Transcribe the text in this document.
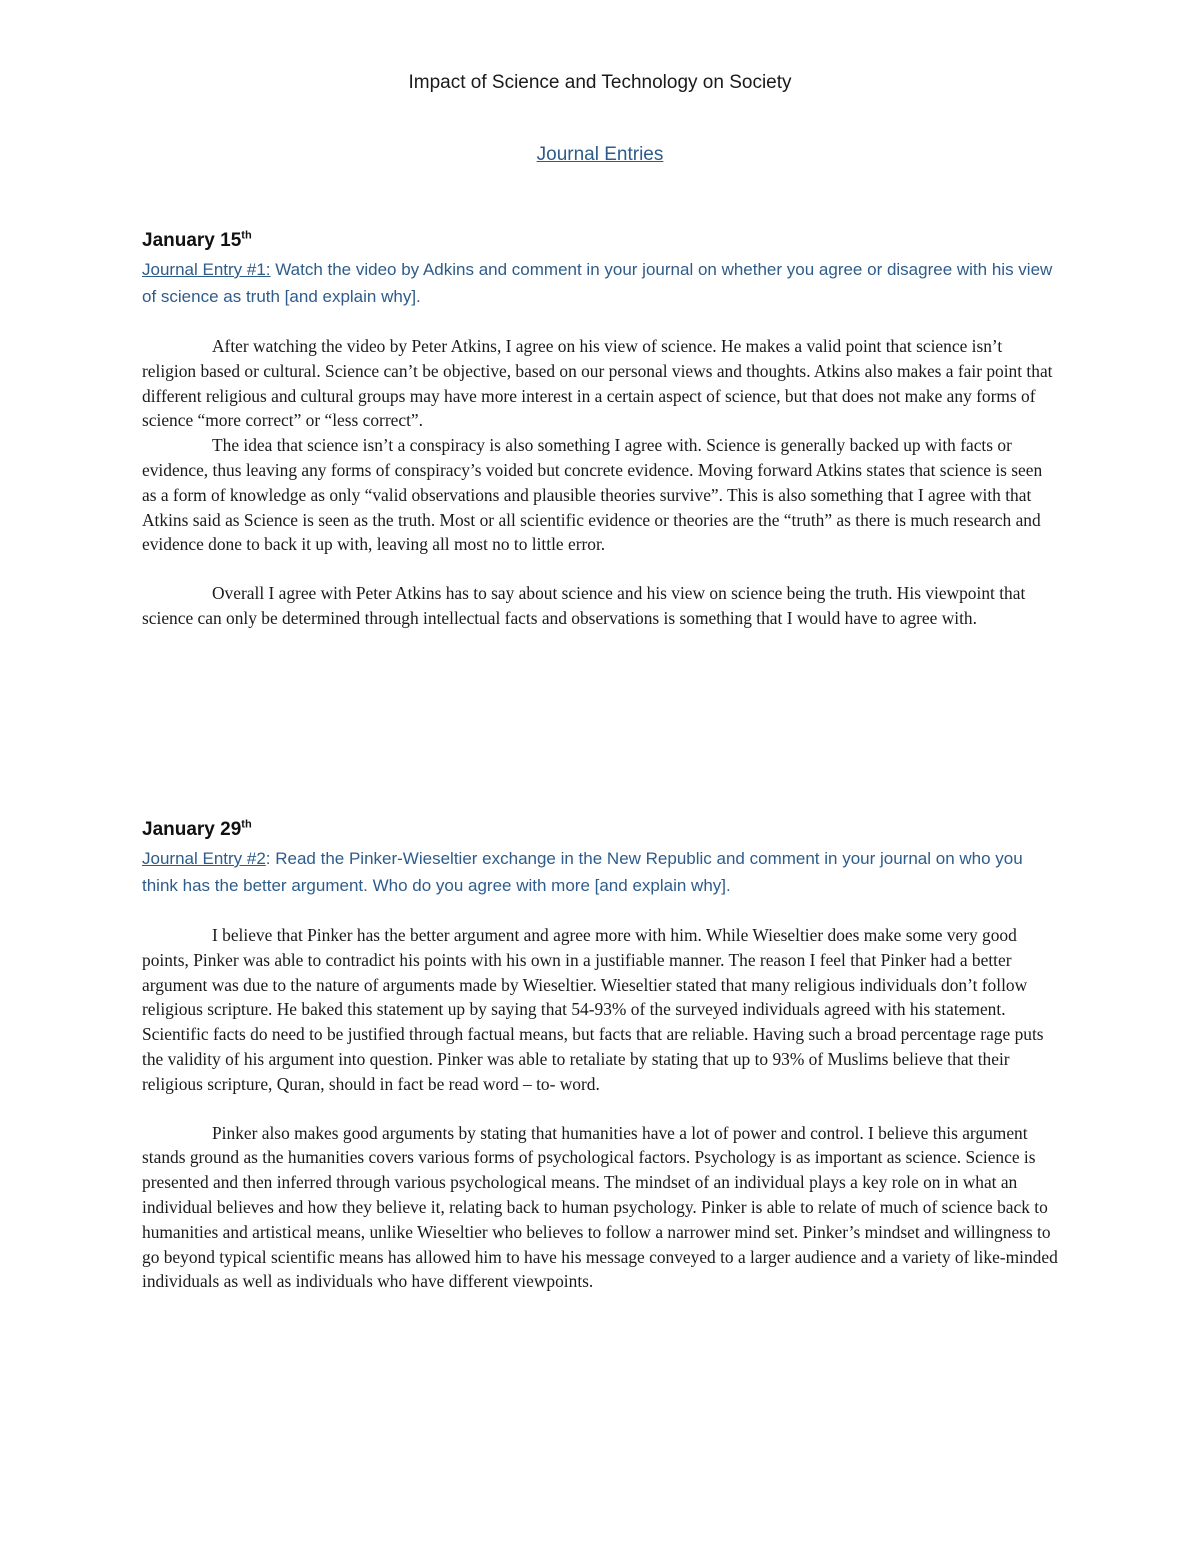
Impact of Science and Technology on Society
Journal Entries

January 15th

Journal Entry #1: Watch the video by Adkins and comment in your journal on whether you agree or disagree with his view of science as truth [and explain why].

After watching the video by Peter Atkins, I agree on his view of science. He makes a valid point that science isn’t religion based or cultural. Science can’t be objective, based on our personal views and thoughts. Atkins also makes a fair point that different religious and cultural groups may have more interest in a certain aspect of science, but that does not make any forms of science “more correct” or “less correct”.

The idea that science isn’t a conspiracy is also something I agree with. Science is generally backed up with facts or evidence, thus leaving any forms of conspiracy’s voided but concrete evidence. Moving forward Atkins states that science is seen as a form of knowledge as only “valid observations and plausible theories survive”. This is also something that I agree with that Atkins said as Science is seen as the truth. Most or all scientific evidence or theories are the “truth” as there is much research and evidence done to back it up with, leaving all most no to little error.

Overall I agree with Peter Atkins has to say about science and his view on science being the truth. His viewpoint that science can only be determined through intellectual facts and observations is something that I would have to agree with.

January 29th

Journal Entry #2: Read the Pinker-Wieseltier exchange in the New Republic and comment in your journal on who you think has the better argument. Who do you agree with more [and explain why].

I believe that Pinker has the better argument and agree more with him. While Wieseltier does make some very good points, Pinker was able to contradict his points with his own in a justifiable manner. The reason I feel that Pinker had a better argument was due to the nature of arguments made by Wieseltier. Wieseltier stated that many religious individuals don’t follow religious scripture. He baked this statement up by saying that 54-93% of the surveyed individuals agreed with his statement. Scientific facts do need to be justified through factual means, but facts that are reliable. Having such a broad percentage rage puts the validity of his argument into question. Pinker was able to retaliate by stating that up to 93% of Muslims believe that their religious scripture, Quran, should in fact be read word – to- word.

Pinker also makes good arguments by stating that humanities have a lot of power and control. I believe this argument stands ground as the humanities covers various forms of psychological factors. Psychology is as important as science. Science is presented and then inferred through various psychological means. The mindset of an individual plays a key role on in what an individual believes and how they believe it, relating back to human psychology. Pinker is able to relate of much of science back to humanities and artistical means, unlike Wieseltier who believes to follow a narrower mind set. Pinker’s mindset and willingness to go beyond typical scientific means has allowed him to have his message conveyed to a larger audience and a variety of like-minded individuals as well as individuals who have different viewpoints.
